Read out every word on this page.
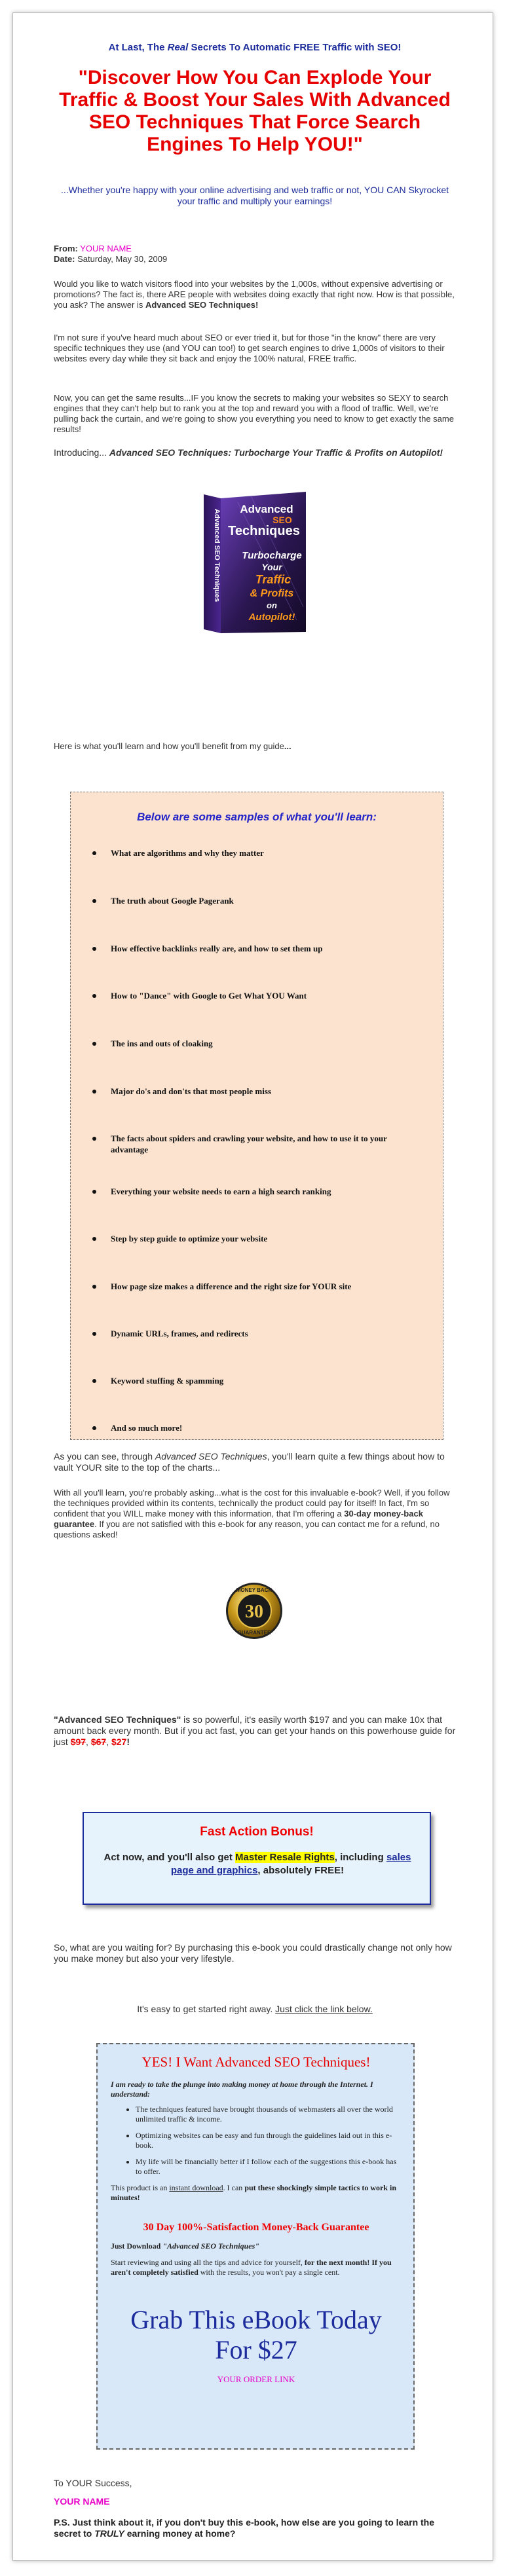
At Last, The Real Secrets To Automatic FREE Traffic with SEO!
"Discover How You Can Explode Your Traffic & Boost Your Sales With Advanced SEO Techniques That Force Search Engines To Help YOU!"
...Whether you're happy with your online advertising and web traffic or not, YOU CAN Skyrocket your traffic and multiply your earnings!
From: YOUR NAME
Date: Saturday, May 30, 2009

Would you like to watch visitors flood into your websites by the 1,000s, without expensive advertising or promotions? The fact is, there ARE people with websites doing exactly that right now. How is that possible, you ask? The answer is Advanced SEO Techniques!

I'm not sure if you've heard much about SEO or ever tried it, but for those "in the know" there are very specific techniques they use (and YOU can too!) to get search engines to drive 1,000s of visitors to their websites every day while they sit back and enjoy the 100% natural, FREE traffic.

Now, you can get the same results...IF you know the secrets to making your websites so SEXY to search engines that they can't help but to rank you at the top and reward you with a flood of traffic. Well, we're pulling back the curtain, and we're going to show you everything you need to know to get exactly the same results!

Introducing... Advanced SEO Techniques: Turbocharge Your Traffic & Profits on Autopilot!

Advanced
SEO
Techniques
Turbocharge
Your
Traffic
& Profits
on
Autopilot!
Advanced SEO Techniques

Here is what you'll learn and how you'll benefit from my guide...

Below are some samples of what you'll learn:
What are algorithms and why they matter
The truth about Google Pagerank
How effective backlinks really are, and how to set them up
How to "Dance" with Google to Get What YOU Want
The ins and outs of cloaking
Major do's and don'ts that most people miss
The facts about spiders and crawling your website, and how to use it to your advantage
Everything your website needs to earn a high search ranking
Step by step guide to optimize your website
How page size makes a difference and the right size for YOUR site
Dynamic URLs, frames, and redirects
Keyword stuffing & spamming
And so much more!

As you can see, through Advanced SEO Techniques, you'll learn quite a few things about how to vault YOUR site to the top of the charts...

With all you'll learn, you're probably asking...what is the cost for this invaluable e-book? Well, if you follow the techniques provided within its contents, technically the product could pay for itself! In fact, I'm so confident that you WILL make money with this information, that I'm offering a 30-day money-back guarantee. If you are not satisfied with this e-book for any reason, you can contact me for a refund, no questions asked!

30
MONEY BACK
GUARANTEE

"Advanced SEO Techniques" is so powerful, it's easily worth $197 and you can make 10x that amount back every month. But if you act fast, you can get your hands on this powerhouse guide for just $97, $67, $27!

Fast Action Bonus!
Act now, and you'll also get Master Resale Rights, including sales page and graphics, absolutely FREE!

So, what are you waiting for? By purchasing this e-book you could drastically change not only how you make money but also your very lifestyle.

It's easy to get started right away. Just click the link below.

YES! I Want Advanced SEO Techniques!

I am ready to take the plunge into making money at home through the Internet. I understand:

• The techniques featured have brought thousands of webmasters all over the world unlimited traffic & income.
• Optimizing websites can be easy and fun through the guidelines laid out in this e-book.
• My life will be financially better if I follow each of the suggestions this e-book has to offer.

This product is an instant download. I can put these shockingly simple tactics to work in minutes!

30 Day 100%-Satisfaction Money-Back Guarantee

Just Download "Advanced SEO Techniques"

Start reviewing and using all the tips and advice for yourself, for the next month! If you aren't completely satisfied with the results, you won't pay a single cent.

Grab This eBook Today
For $27
YOUR ORDER LINK

To YOUR Success,

YOUR NAME

P.S. Just think about it, if you don't buy this e-book, how else are you going to learn the secret to TRULY earning money at home?
